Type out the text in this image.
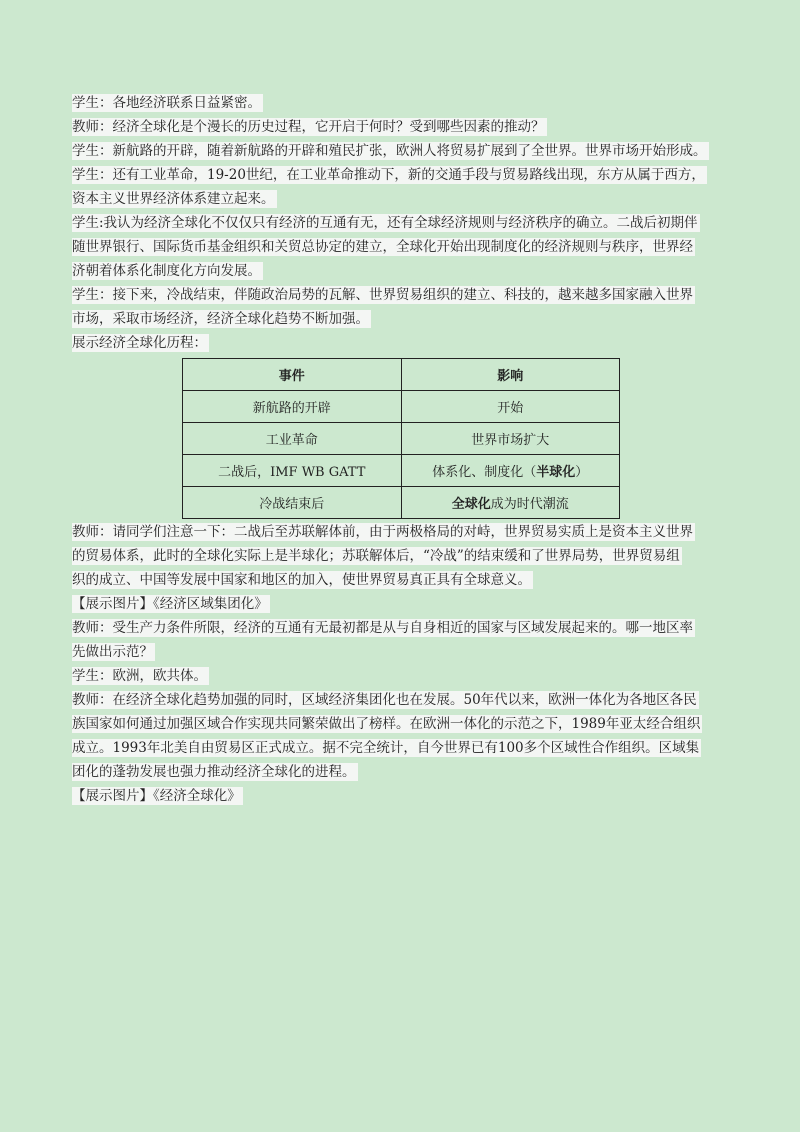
学生：各地经济联系日益紧密。
教师：经济全球化是个漫长的历史过程，它开启于何时？受到哪些因素的推动？
学生：新航路的开辟，随着新航路的开辟和殖民扩张，欧洲人将贸易扩展到了全世界。世界市场开始形成。
学生：还有工业革命，19-20世纪，在工业革命推动下，新的交通手段与贸易路线出现，东方从属于西方，
资本主义世界经济体系建立起来。
学生:我认为经济全球化不仅仅只有经济的互通有无，还有全球经济规则与经济秩序的确立。二战后初期伴
随世界银行、国际货币基金组织和关贸总协定的建立，全球化开始出现制度化的经济规则与秩序，世界经
济朝着体系化制度化方向发展。
学生：接下来，冷战结束，伴随政治局势的瓦解、世界贸易组织的建立、科技的，越来越多国家融入世界
市场，采取市场经济，经济全球化趋势不断加强。
展示经济全球化历程：
事件	影响
新航路的开辟	开始
工业革命	世界市场扩大
二战后，IMF WB GATT	体系化、制度化（半球化）
冷战结束后	全球化成为时代潮流
教师：请同学们注意一下：二战后至苏联解体前，由于两极格局的对峙，世界贸易实质上是资本主义世界
的贸易体系，此时的全球化实际上是半球化；苏联解体后，“冷战”的结束缓和了世界局势，世界贸易组
织的成立、中国等发展中国家和地区的加入，使世界贸易真正具有全球意义。
【展示图片】《经济区域集团化》
教师：受生产力条件所限，经济的互通有无最初都是从与自身相近的国家与区域发展起来的。哪一地区率
先做出示范？
学生：欧洲，欧共体。
教师：在经济全球化趋势加强的同时，区域经济集团化也在发展。50年代以来，欧洲一体化为各地区各民
族国家如何通过加强区域合作实现共同繁荣做出了榜样。在欧洲一体化的示范之下，1989年亚太经合组织
成立。1993年北美自由贸易区正式成立。据不完全统计，自今世界已有100多个区域性合作组织。区域集
团化的蓬勃发展也强力推动经济全球化的进程。
【展示图片】《经济全球化》
